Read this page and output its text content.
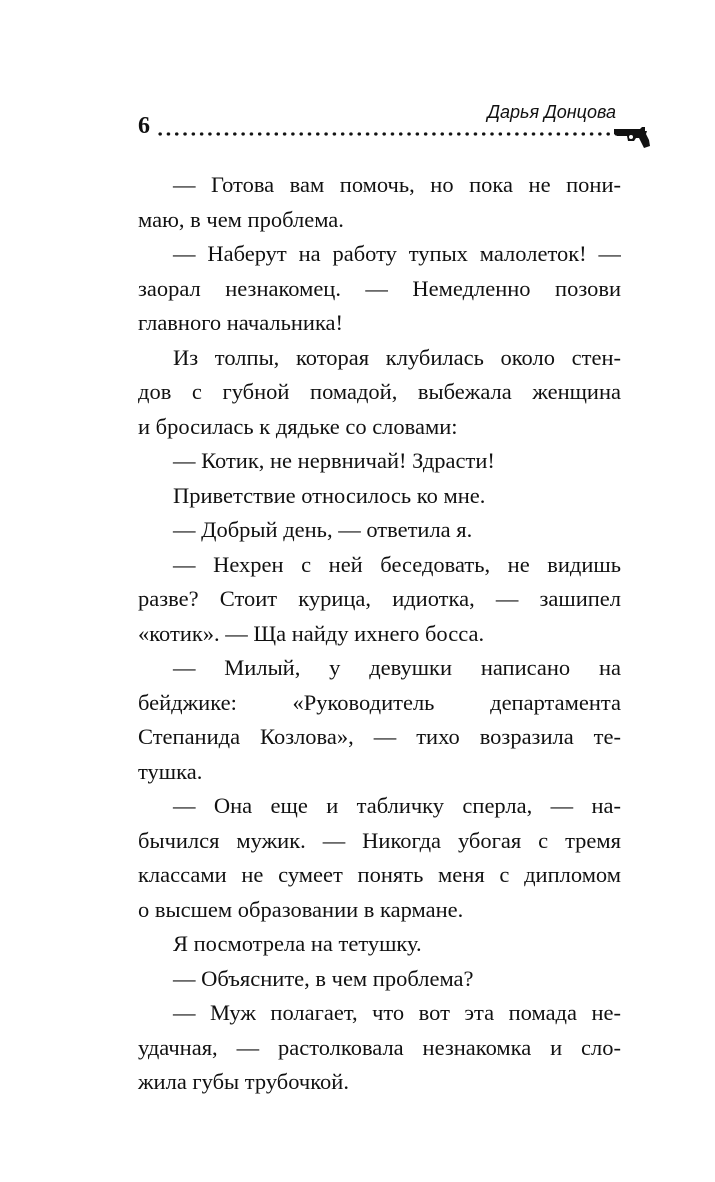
6
Дарья Донцова
— Готова вам помочь, но пока не пони-
маю, в чем проблема.
— Наберут на работу тупых малолеток! —
заорал незнакомец. — Немедленно позови
главного начальника!
Из толпы, которая клубилась около стен-
дов с губной помадой, выбежала женщина
и бросилась к дядьке со словами:
— Котик, не нервничай! Здрасти!
Приветствие относилось ко мне.
— Добрый день, — ответила я.
— Нехрен с ней беседовать, не видишь
разве? Стоит курица, идиотка, — зашипел
«котик». — Ща найду ихнего босса.
— Милый, у девушки написано на
бейджике: «Руководитель департамента
Степанида Козлова», — тихо возразила те-
тушка.
— Она еще и табличку сперла, — на-
бычился мужик. — Никогда убогая с тремя
классами не сумеет понять меня с дипломом
о высшем образовании в кармане.
Я посмотрела на тетушку.
— Объясните, в чем проблема?
— Муж полагает, что вот эта помада не-
удачная, — растолковала незнакомка и сло-
жила губы трубочкой.
